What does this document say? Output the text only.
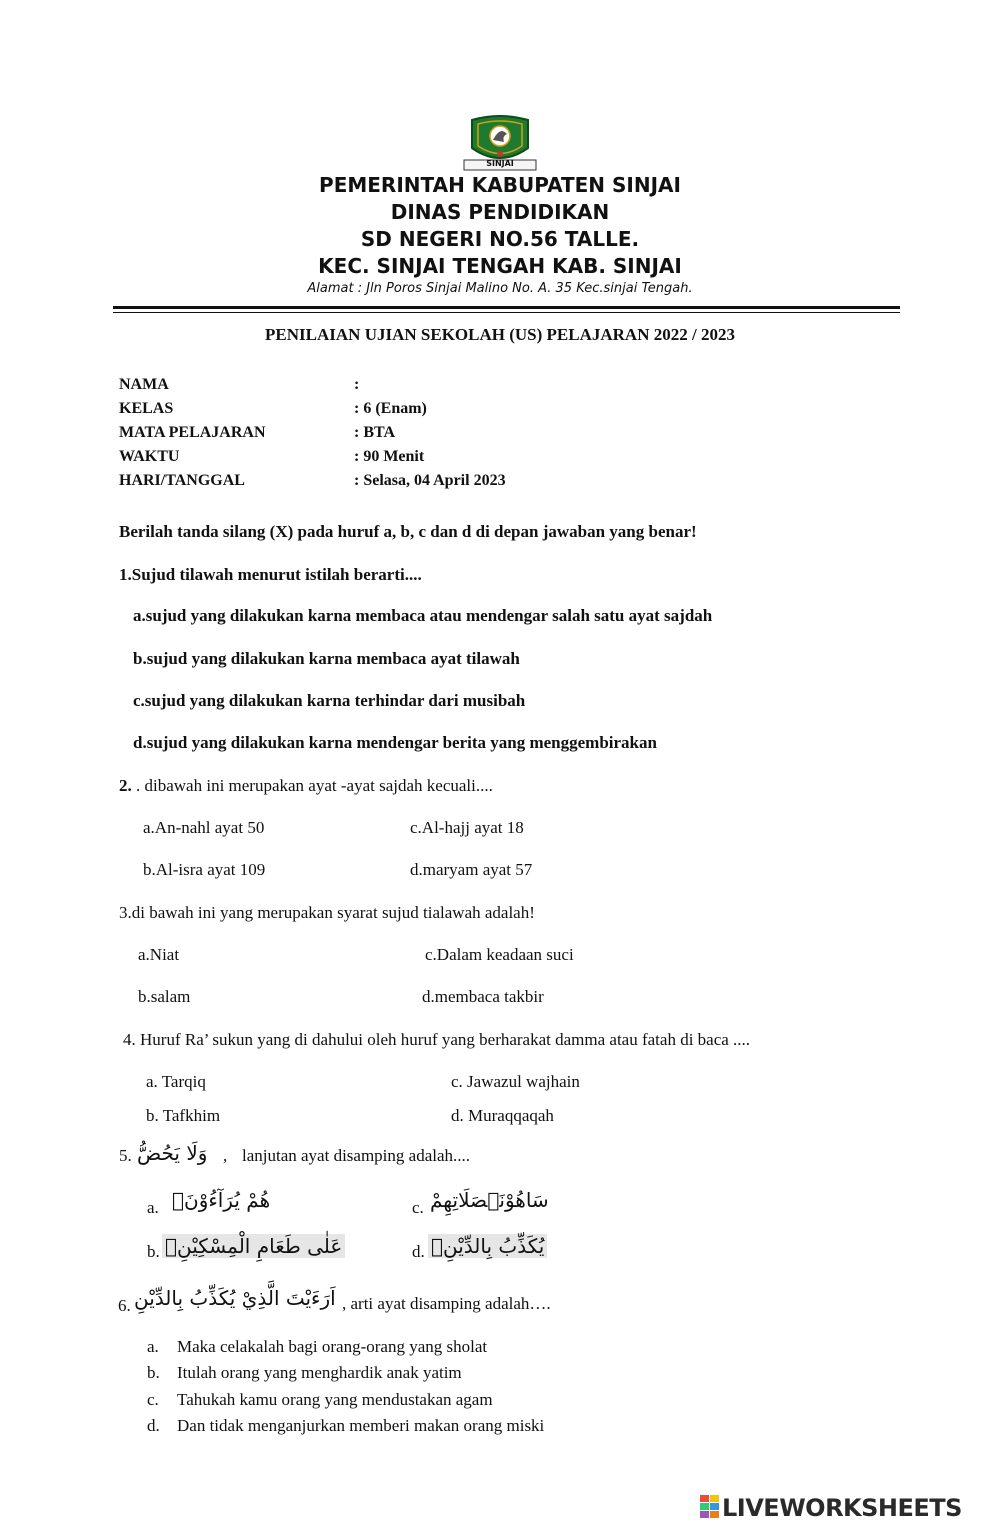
SINJAI
PEMERINTAH KABUPATEN SINJAI
DINAS PENDIDIKAN
SD NEGERI NO.56 TALLE.
KEC. SINJAI TENGAH KAB. SINJAI
Alamat : Jln Poros Sinjai Malino No. A. 35 Kec.sinjai Tengah.
PENILAIAN UJIAN SEKOLAH (US) PELAJARAN 2022 / 2023
NAMA	:
KELAS	: 6 (Enam)
MATA PELAJARAN	: BTA
WAKTU	: 90 Menit
HARI/TANGGAL	: Selasa, 04 April 2023
Berilah tanda silang (X) pada huruf a, b, c dan d di depan jawaban yang benar!
1.Sujud tilawah menurut istilah berarti....
a.sujud yang dilakukan karna membaca atau mendengar salah satu ayat sajdah
b.sujud yang dilakukan karna membaca ayat tilawah
c.sujud yang dilakukan karna terhindar dari musibah
d.sujud yang dilakukan karna mendengar berita yang menggembirakan
2. . dibawah ini merupakan ayat -ayat sajdah kecuali....
a.An-nahl ayat 50	c.Al-hajj ayat 18
b.Al-isra ayat 109	d.maryam ayat 57
3.di bawah ini yang merupakan syarat sujud tialawah adalah!
a.Niat	c.Dalam keadaan suci
b.salam	d.membaca takbir
4. Huruf Ra’ sukun yang di dahului oleh huruf yang berharakat damma atau fatah di baca ....
a. Tarqiq	c. Jawazul wajhain
b. Tafkhim	d. Muraqqaqah
5. وَلَا يَحُضُّ , lanjutan ayat disamping adalah....
a. هُمْ يُرَآءُوْنَۙ	c. سَاهُوْنَۙصَلَاتِهِمْ
b. عَلٰى طَعَامِ الْمِسْكِيْنِۗ	d. يُكَذِّبُ بِالدِّيْنِۗ
6. اَرَءَيْتَ الَّذِيْ يُكَذِّبُ بِالدِّيْنِ , arti ayat disamping adalah….
a. Maka celakalah bagi orang-orang yang sholat
b. Itulah orang yang menghardik anak yatim
c. Tahukah kamu orang yang mendustakan agam
d. Dan tidak menganjurkan memberi makan orang miski
LIVEWORKSHEETS
